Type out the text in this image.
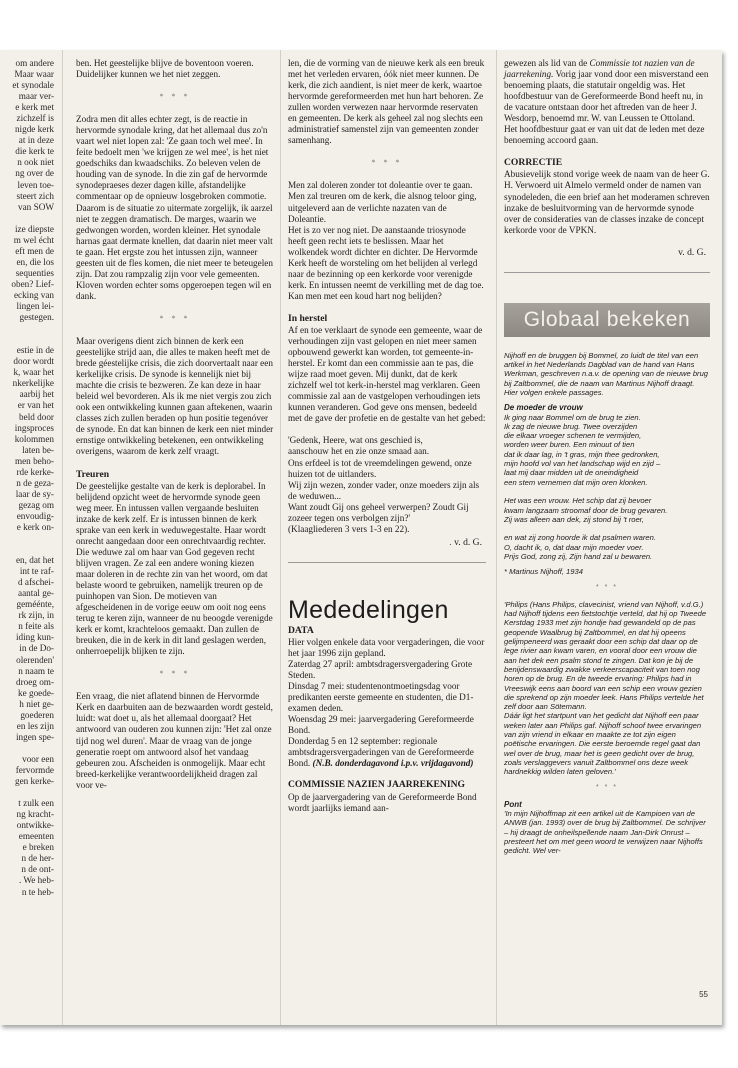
om andere
Maar waar
et synodale
maar ver-
e kerk met
zichzelf is
nigde kerk
at in deze
die kerk te
n ook niet
ng over de
leven toe-
steert zich
van SOW
ize diepste
m wel écht
eft men de
en, die los
sequenties
oben? Lief-
ecking van
lingen lei-
gestegen.
estie in de
door wordt
k, waar het
nkerkelijke
aarbij het
er van het
beld door
ingsproces
kolommen
laten be-
men beho-
rde kerke-
n de geza-
laar de sy-
gezag om
envoudig-
e kerk on-
en, dat het
int te raf-
d afschei-
aantal ge-
geméénte,
rk zijn, in
n feite als
iding kun-
in de Do-
olerenden'
n naam te
droeg om-
ke goede-
h niet ge-
goederen
en les zijn
ingen spe-
voor een
fervormde
gen kerke-
t zulk een
ng kracht-
ontwikke-
emeenten
e breken
n de her-
n de ont-
. We heb-
n te heb-

ben. Het geestelijke blijve de boventoon voeren. Duidelijker kunnen we het niet zeggen.

* * *

Zodra men dit alles echter zegt, is de reactie in hervormde synodale kring, dat het allemaal dus zo'n vaart wel niet lopen zal: 'Ze gaan toch wel mee'. In feite bedoelt men 'we krijgen ze wel mee', is het niet goedschiks dan kwaadschiks. Zo beleven velen de houding van de synode. In die zin gaf de hervormde synodepraeses dezer dagen kille, afstandelijke commentaar op de opnieuw losgebroken commotie. Daarom is de situatie zo uitermate zorgelijk, ik aarzel niet te zeggen dramatisch. De marges, waarin we gedwongen worden, worden kleiner. Het synodale harnas gaat dermate knellen, dat daarin niet meer valt te gaan. Het ergste zou het intussen zijn, wanneer geesten uit de fles komen, die niet meer te beteugelen zijn. Dat zou rampzalig zijn voor vele gemeenten. Kloven worden echter soms opgeroepen tegen wil en dank.

* * *

Maar overigens dient zich binnen de kerk een geestelijke strijd aan, die alles te maken heeft met de brede géestelijke crisis, die zich doorvertaalt naar een kerkelijke crisis. De synode is kennelijk niet bij machte die crisis te bezweren. Ze kan deze in haar beleid wel bevorderen. Als ik me niet vergis zou zich ook een ontwikkeling kunnen gaan aftekenen, waarin classes zich zullen beraden op hun positie tegenóver de synode. En dat kan binnen de kerk een niet minder ernstige ontwikkeling betekenen, een ontwikkeling overigens, waarom de kerk zelf vraagt.

Treuren

De geestelijke gestalte van de kerk is deplorabel. In belijdend opzicht weet de hervormde synode geen weg meer. En intussen vallen vergaande besluiten inzake de kerk zelf. Er is intussen binnen de kerk sprake van een kerk in weduwegestalte. Haar wordt onrecht aangedaan door een onrechtvaardig rechter. Die weduwe zal om haar van God gegeven recht blijven vragen. Ze zal een andere woning kiezen maar doleren in de rechte zin van het woord, om dat belaste woord te gebruiken, namelijk treuren op de puinhopen van Sion. De motieven van afgescheidenen in de vorige eeuw om ooit nog eens terug te keren zijn, wanneer de nu beoogde verenigde kerk er komt, krachteloos gemaakt. Dan zullen de breuken, die in de kerk in dit land geslagen werden, onherroepelijk blijken te zijn.

* * *

Een vraag, die niet aflatend binnen de Hervormde Kerk en daarbuiten aan de bezwaarden wordt gesteld, luidt: wat doet u, als het allemaal doorgaat? Het antwoord van ouderen zou kunnen zijn: 'Het zal onze tijd nog wel duren'. Maar de vraag van de jonge generatie roept om antwoord alsof het vandaag gebeuren zou. Afscheiden is onmogelijk. Maar echt breed-kerkelijke verantwoordelijkheid dragen zal voor ve-

len, die de vorming van de nieuwe kerk als een breuk met het verleden ervaren, óók niet meer kunnen. De kerk, die zich aandient, is niet meer de kerk, waartoe hervormde gereformeerden met hun hart behoren. Ze zullen worden verwezen naar hervormde reservaten en gemeenten. De kerk als geheel zal nog slechts een administratief samenstel zijn van gemeenten zonder samenhang.

* * *

Men zal doleren zonder tot doleantie over te gaan. Men zal treuren om de kerk, die alsnog teloor ging, uitgeleverd aan de verlichte nazaten van de Doleantie.

Het is zo ver nog niet. De aanstaande triosynode heeft geen recht iets te beslissen. Maar het wolkendek wordt dichter en dichter. De Hervormde Kerk heeft de worsteling om het belijden al verlegd naar de bezinning op een kerkorde voor verenigde kerk. En intussen neemt de verkilling met de dag toe. Kan men met een koud hart nog belijden?

In herstel

Af en toe verklaart de synode een gemeente, waar de verhoudingen zijn vast gelopen en niet meer samen opbouwend gewerkt kan worden, tot gemeente-in-herstel. Er komt dan een commissie aan te pas, die wijze raad moet geven. Mij dunkt, dat de kerk zichzelf wel tot kerk-in-herstel mag verklaren. Geen commissie zal aan de vastgelopen verhoudingen iets kunnen veranderen. God geve ons mensen, bedeeld met de gave der profetie en de gestalte van het gebed:

'Gedenk, Heere, wat ons geschied is,
aanschouw het en zie onze smaad aan.
Ons erfdeel is tot de vreemdelingen gewend, onze huizen tot de uitlanders.
Wij zijn wezen, zonder vader, onze moeders zijn als de weduwen...
Want zoudt Gij ons geheel verwerpen? Zoudt Gij zozeer tegen ons verbolgen zijn?'
(Klaagliederen 3 vers 1-3 en 22).
. v. d. G.
Mededelingen
DATA

Hier volgen enkele data voor vergaderingen, die voor het jaar 1996 zijn gepland.

Zaterdag 27 april: ambtsdragersvergadering Grote Steden.
Dinsdag 7 mei: studentenontmoetingsdag voor predikanten eerste gemeente en studenten, die D1-examen deden.
Woensdag 29 mei: jaarvergadering Gereformeerde Bond.
Donderdag 5 en 12 september: regionale ambtsdragersvergaderingen van de Gereformeerde Bond. (N.B. donderdagavond i.p.v. vrijdagavond)
COMMISSIE NAZIEN JAARREKENING

Op de jaarvergadering van de Gereformeerde Bond wordt jaarlijks iemand aan-

gewezen als lid van de Commissie tot nazien van de jaarrekening. Vorig jaar vond door een misverstand een benoeming plaats, die statutair ongeldig was. Het hoofdbestuur van de Gereformeerde Bond heeft nu, in de vacature ontstaan door het aftreden van de heer J. Wesdorp, benoemd mr. W. van Leussen te Ottoland. Het hoofdbestuur gaat er van uit dat de leden met deze benoeming accoord gaan.

CORRECTIE

Abusievelijk stond vorige week de naam van de heer G. H. Verwoerd uit Almelo vermeld onder de namen van synodeleden, die een brief aan het moderamen schreven inzake de besluitvorming van de hervormde synode over de consideraties van de classes inzake de concept kerkorde voor de VPKN.

v. d. G.
Globaal bekeken

Nijhoff en de bruggen bij Bommel, zo luidt de titel van een artikel in het Nederlands Dagblad van de hand van Hans Werkman, geschreven n.a.v. de opening van de nieuwe brug bij Zaltbommel, die de naam van Martinus Nijhoff draagt. Hier volgen enkele passages.

De moeder de vrouw
Ik ging naar Bommel om de brug te zien.
Ik zag de nieuwe brug. Twee overzijden
die elkaar vroeger schenen te vermijden,
worden weer buren. Een minuut of tien
dat ik daar lag, in 't gras, mijn thee gedronken,
mijn hoofd vol van het landschap wijd en zijd –
laat mij daar midden uit de oneindigheid
een stem vernemen dat mijn oren klonken.
Het was een vrouw. Het schip dat zij bevoer
kwam langzaam stroomaf door de brug gevaren.
Zij was alleen aan dek, zij stond bij 't roer,
en wat zij zong hoorde ik dat psalmen waren.
O, dacht ik, o, dat daar mijn moeder voer.
Prijs God, zong zij, Zijn hand zal u bewaren.

* Martinus Nijhoff, 1934

* * *

'Philips (Hans Philips, clavecinist, vriend van Nijhoff, v.d.G.) had Nijhoff tijdens een fietstochtje verteld, dat hij op Tweede Kerstdag 1933 met zijn hondje had gewandeld op de pas geopende Waalbrug bij Zaltbommel, en dat hij opeens gelijmpeneerd was geraakt door een schip dat daar op de lege rivier aan kwam varen, en vooral door een vrouw die aan het dek een psalm stond te zingen. Dat kon je bij de benijdenswaardig zwakke verkeerscapaciteit van toen nog horen op de brug. En de tweede ervaring: Philips had in Vreeswijk eens aan boord van een schip een vrouw gezien die sprekend op zijn moeder leek. Hans Philips vertelde het zelf door aan Sötemann.

Dáár ligt het startpunt van het gedicht dat Nijhoff een paar weken later aan Philips gaf. Nijhoff schoof twee ervaringen van zijn vriend in elkaar en maakte ze tot zijn eigen poëtische ervaringen. Die eerste beroemde regel gaat dan wel over de brug, maar het is geen gedicht over de brug, zoals verslaggevers vanuit Zaltbommel ons deze week hardnekkig wilden laten geloven.'

* * *
Pont

'In mijn Nijhoffmap zit een artikel uit de Kampioen van de ANWB (jan. 1993) over de brug bij Zaltbommel. De schrijver – hij draagt de onheilspellende naam Jan-Dirk Onrust – presteert het om met geen woord te verwijzen naar Nijhoffs gedicht. Wel ver-

55
